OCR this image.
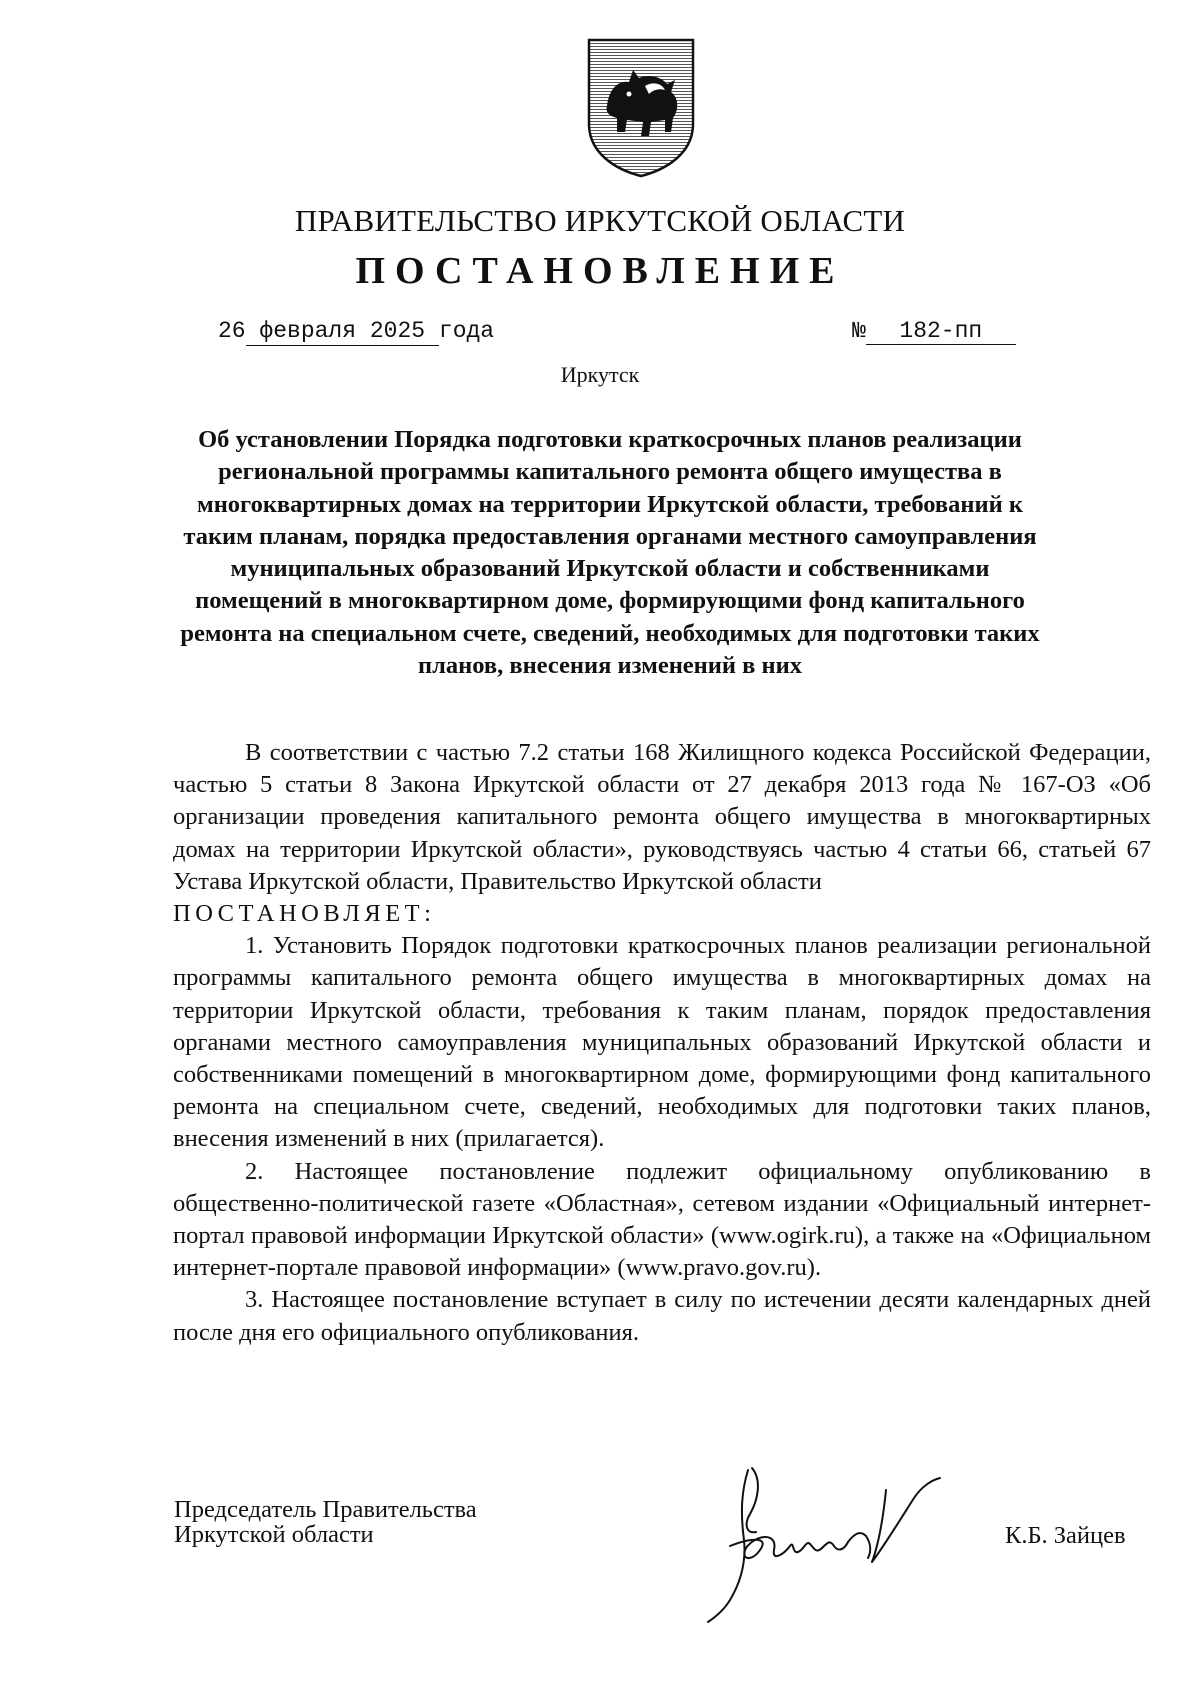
ПРАВИТЕЛЬСТВО ИРКУТСКОЙ ОБЛАСТИ
ПОСТАНОВЛЕНИЕ
26 февраля 2025 года	№ 182-пп
Иркутск
Об установлении Порядка подготовки краткосрочных планов реализации региональной программы капитального ремонта общего имущества в многоквартирных домах на территории Иркутской области, требований к таким планам, порядка предоставления органами местного самоуправления муниципальных образований Иркутской области и собственниками помещений в многоквартирном доме, формирующими фонд капитального ремонта на специальном счете, сведений, необходимых для подготовки таких планов, внесения изменений в них

В соответствии с частью 7.2 статьи 168 Жилищного кодекса Российской Федерации, частью 5 статьи 8 Закона Иркутской области от 27 декабря 2013 года № 167-ОЗ «Об организации проведения капитального ремонта общего имущества в многоквартирных домах на территории Иркутской области», руководствуясь частью 4 статьи 66, статьей 67 Устава Иркутской области, Правительство Иркутской области

ПОСТАНОВЛЯЕТ:

1. Установить Порядок подготовки краткосрочных планов реализации региональной программы капитального ремонта общего имущества в многоквартирных домах на территории Иркутской области, требования к таким планам, порядок предоставления органами местного самоуправления муниципальных образований Иркутской области и собственниками помещений в многоквартирном доме, формирующими фонд капитального ремонта на специальном счете, сведений, необходимых для подготовки таких планов, внесения изменений в них (прилагается).

2. Настоящее постановление подлежит официальному опубликованию в общественно-политической газете «Областная», сетевом издании «Официальный интернет-портал правовой информации Иркутской области» (www.ogirk.ru), а также на «Официальном интернет-портале правовой информации» (www.pravo.gov.ru).

3. Настоящее постановление вступает в силу по истечении десяти календарных дней после дня его официального опубликования.

Председатель Правительства
Иркутской области	К.Б. Зайцев
